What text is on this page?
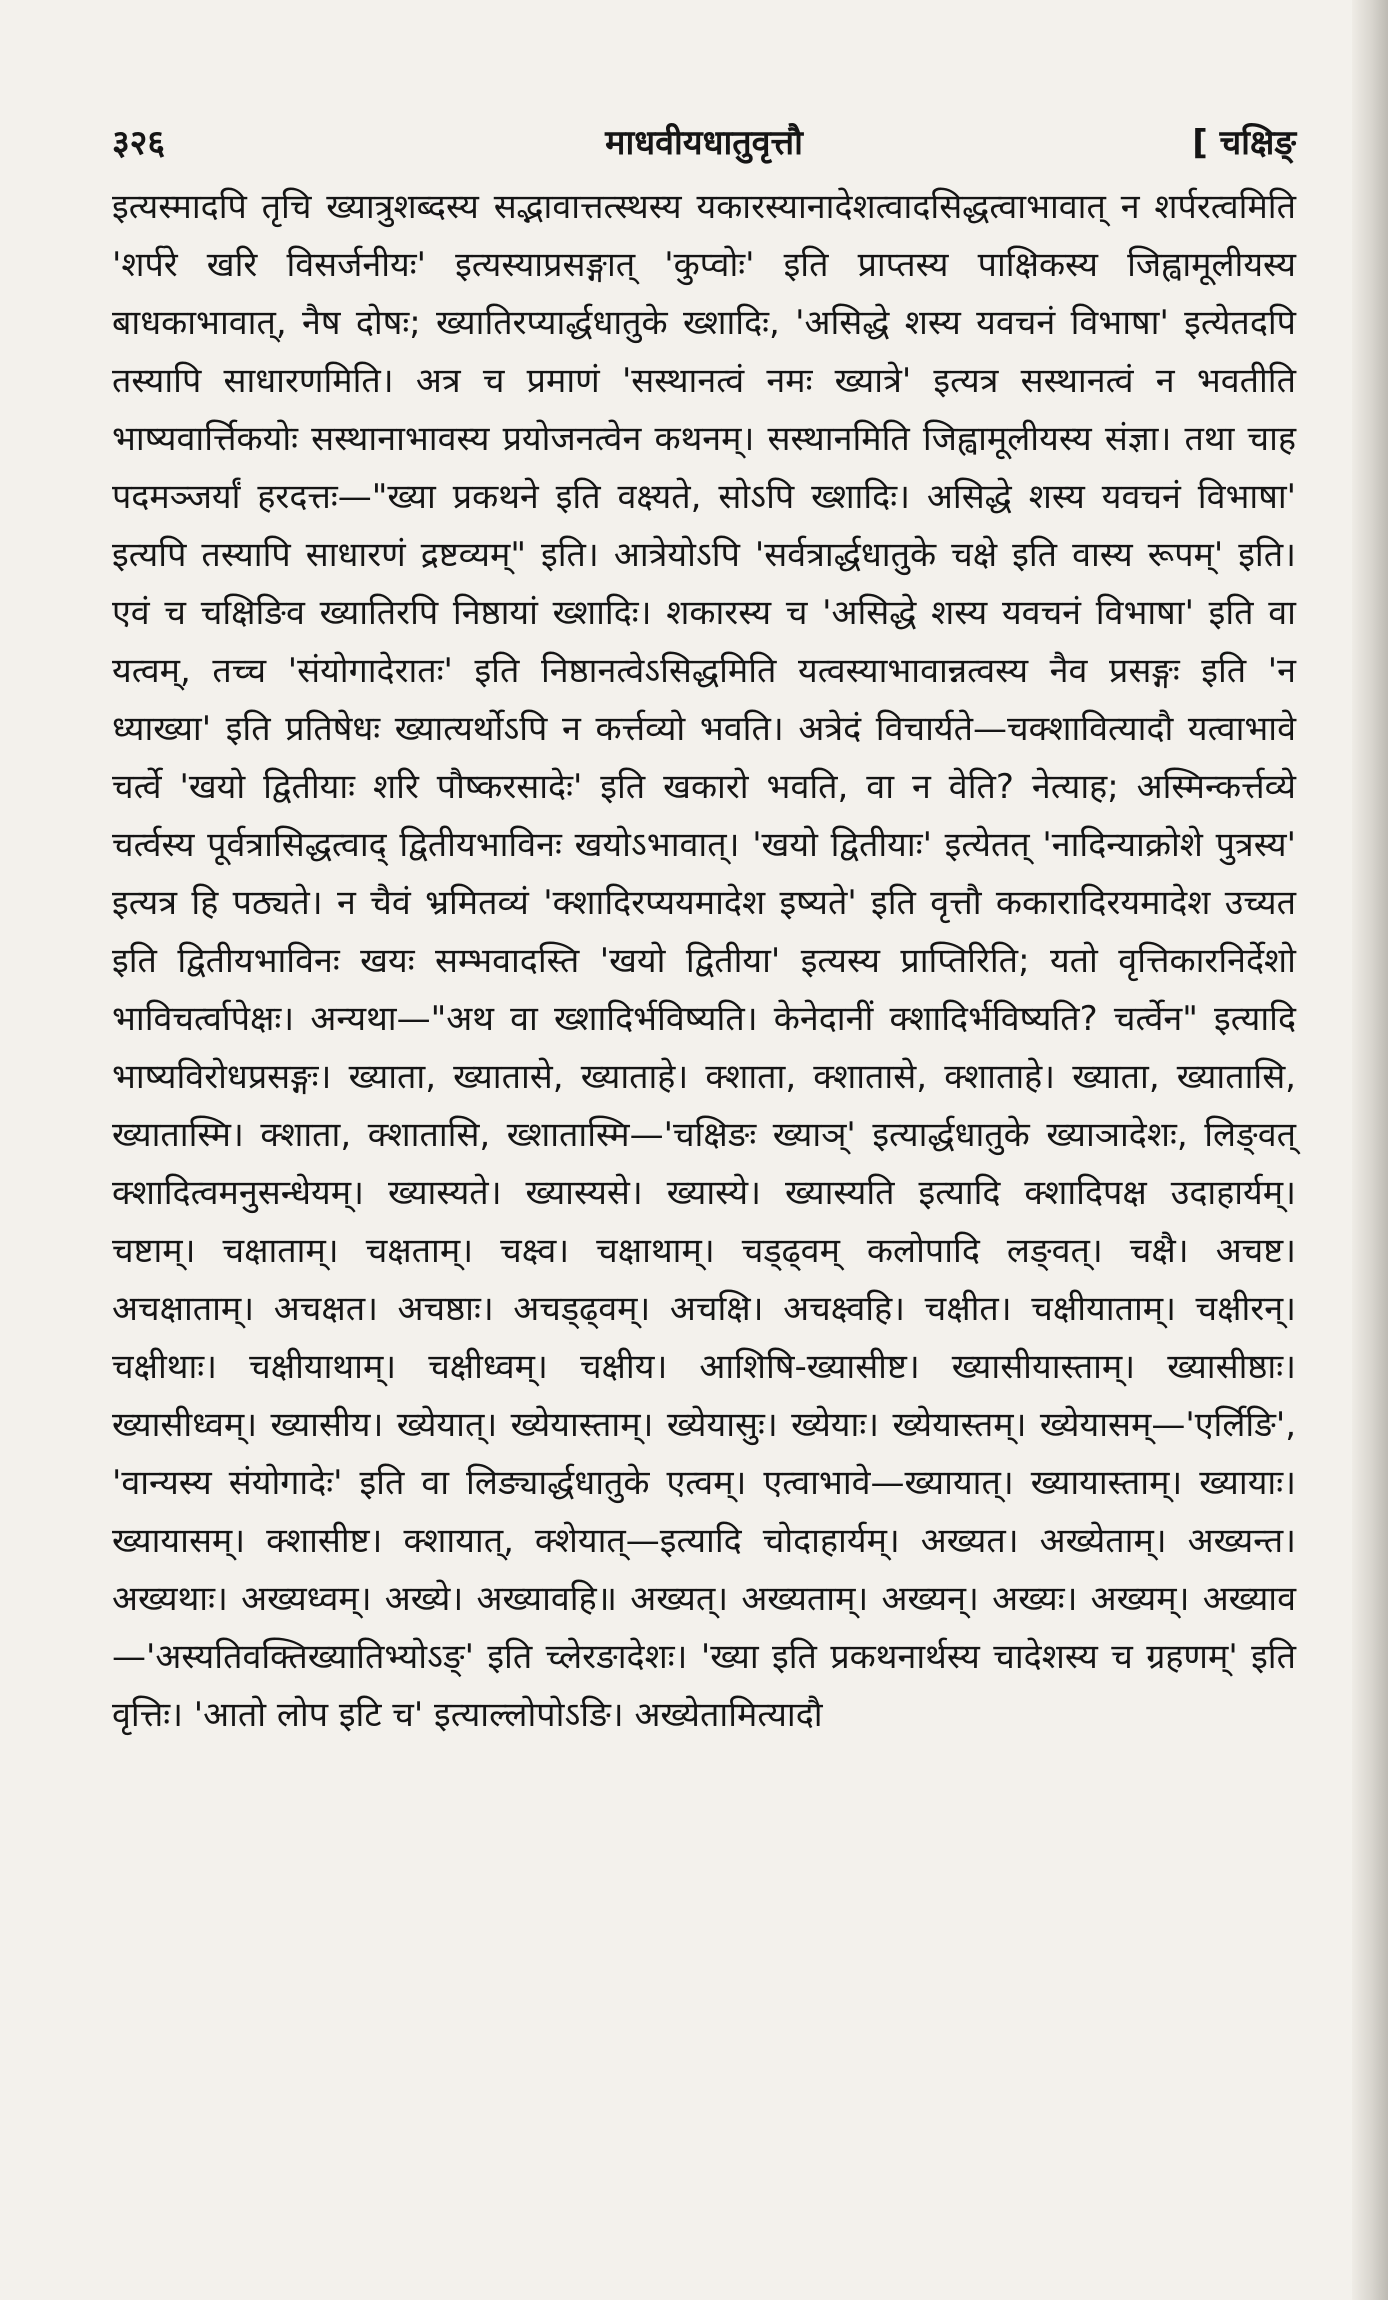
३२६	माधवीयधातुवृत्तौ	[ चक्षिङ्

इत्यस्मादपि तृचि ख्यात्रुशब्दस्य सद्भावात्तत्स्थस्य यकारस्यानादेशत्वादसिद्धत्वाभावात् न शर्परत्वमिति 'शर्परे खरि विसर्जनीयः' इत्यस्याप्रसङ्गात् 'कुप्वोः' इति प्राप्तस्य पाक्षिकस्य जिह्वामूलीयस्य बाधकाभावात्, नैष दोषः; ख्यातिरप्यार्द्धधातुके ख्शादिः, 'असिद्धे शस्य यवचनं विभाषा' इत्येतदपि तस्यापि साधारणमिति। अत्र च प्रमाणं 'सस्थानत्वं नमः ख्यात्रे' इत्यत्र सस्थानत्वं न भवतीति भाष्यवार्त्तिकयोः सस्थानाभावस्य प्रयोजनत्वेन कथनम्। सस्थानमिति जिह्वामूलीयस्य संज्ञा। तथा चाह पदमञ्जर्यां हरदत्तः—"ख्या प्रकथने इति वक्ष्यते, सोऽपि ख्शादिः। असिद्धे शस्य यवचनं विभाषा' इत्यपि तस्यापि साधारणं द्रष्टव्यम्" इति। आत्रेयोऽपि 'सर्वत्रार्द्धधातुके चक्षे इति वास्य रूपम्' इति। एवं च चक्षिङिव ख्यातिरपि निष्ठायां ख्शादिः। शकारस्य च 'असिद्धे शस्य यवचनं विभाषा' इति वा यत्वम्, तच्च 'संयोगादेरातः' इति निष्ठानत्वेऽसिद्धमिति यत्वस्याभावान्नत्वस्य नैव प्रसङ्गः इति 'न ध्याख्या' इति प्रतिषेधः ख्यात्यर्थोऽपि न कर्त्तव्यो भवति। अत्रेदं विचार्यते—चक्शावित्यादौ यत्वाभावे चर्त्वे 'खयो द्वितीयाः शरि पौष्करसादेः' इति खकारो भवति, वा न वेति? नेत्याह; अस्मिन्कर्त्तव्ये चर्त्वस्य पूर्वत्रासिद्धत्वाद् द्वितीयभाविनः खयोऽभावात्। 'खयो द्वितीयाः' इत्येतत् 'नादिन्याक्रोशे पुत्रस्य' इत्यत्र हि पठ्यते। न चैवं भ्रमितव्यं 'क्शादिरप्ययमादेश इष्यते' इति वृत्तौ ककारादिरयमादेश उच्यत इति द्वितीयभाविनः खयः सम्भवादस्ति 'खयो द्वितीया' इत्यस्य प्राप्तिरिति; यतो वृत्तिकारनिर्देशो भाविचर्त्वापेक्षः। अन्यथा—"अथ वा ख्शादिर्भविष्यति। केनेदानीं क्शादिर्भविष्यति? चर्त्वेन" इत्यादि भाष्यविरोधप्रसङ्गः। ख्याता, ख्यातासे, ख्याताहे। क्शाता, क्शातासे, क्शाताहे। ख्याता, ख्यातासि, ख्यातास्मि। क्शाता, क्शातासि, ख्शातास्मि—'चक्षिङः ख्याञ्' इत्यार्द्धधातुके ख्याञादेशः, लिङ्वत् क्शादित्वमनुसन्धेयम्। ख्यास्यते। ख्यास्यसे। ख्यास्ये। ख्यास्यति इत्यादि क्शादिपक्ष उदाहार्यम्। चष्टाम्। चक्षाताम्। चक्षताम्। चक्ष्व। चक्षाथाम्। चड्ढ्वम् कलोपादि लङ्वत्। चक्षै। अचष्ट। अचक्षाताम्। अचक्षत। अचष्ठाः। अचड्ढ्वम्। अचक्षि। अचक्ष्वहि। चक्षीत। चक्षीयाताम्। चक्षीरन्। चक्षीथाः। चक्षीयाथाम्। चक्षीध्वम्। चक्षीय। आशिषि-ख्यासीष्ट। ख्यासीयास्ताम्। ख्यासीष्ठाः। ख्यासीध्वम्। ख्यासीय। ख्येयात्। ख्येयास्ताम्। ख्येयासुः। ख्येयाः। ख्येयास्तम्। ख्येयासम्—'एर्लिङि', 'वान्यस्य संयोगादेः' इति वा लिङ्यार्द्धधातुके एत्वम्। एत्वाभावे—ख्यायात्। ख्यायास्ताम्। ख्यायाः। ख्यायासम्। क्शासीष्ट। क्शायात्, क्शेयात्—इत्यादि चोदाहार्यम्। अख्यत। अख्येताम्। अख्यन्त। अख्यथाः। अख्यध्वम्। अख्ये। अख्यावहि॥ अख्यत्। अख्यताम्। अख्यन्। अख्यः। अख्यम्। अख्याव—'अस्यतिवक्तिख्यातिभ्योऽङ्' इति च्लेरङादेशः। 'ख्या इति प्रकथनार्थस्य चादेशस्य च ग्रहणम्' इति वृत्तिः। 'आतो लोप इटि च' इत्याल्लोपोऽङि। अख्येतामित्यादौ
